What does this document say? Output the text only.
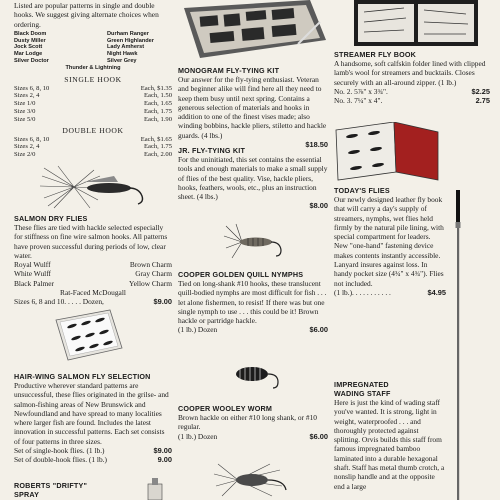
Listed are popular patterns in single and double hooks. We suggest giving alternate choices when ordering.

Black Doom	Durham Ranger
Dusty Miller	Green Highlander
Jock Scott	Lady Amherst
Mar Lodge	Night Hawk
Silver Doctor	Silver Grey
Thunder & Lightning
SINGLE HOOK
Sizes 6, 8, 10	Each, $1.35
Sizes 2, 4	Each, 1.50
Size 1/0	Each, 1.65
Size 3/0	Each, 1.75
Size 5/0	Each, 1.90
DOUBLE HOOK
Sizes 6, 8, 10	Each, $1.65
Sizes 2, 4	Each, 1.75
Size 2/0	Each, 2.00
SALMON DRY FLIES

These flies are tied with hackle selected especially for stiffness on fine wire salmon hooks. All patterns have proven successful during periods of low, clear water.

Royal Wulff	Brown Charm
White Wulff	Gray Charm
Black Palmer	Yellow Charm
Rat-Faced McDougall
Sizes 6, 8 and 10. . . . . Dozen,	$9.00
HAIR-WING SALMON FLY SELECTION

Productive wherever standard patterns are unsuccessful, these flies originated in the grilse- and salmon-fishing areas of New Brunswick and Newfoundland and have spread to many localities where larger fish are found. Includes the latest innovation in successful patterns. Each set consists of four patterns in three sizes.

Set of single-hook flies. (1 lb.)	$9.00
Set of double-hook flies. (1 lb.)	9.00
ROBERTS "DRIFTY"
SPRAY
MONOGRAM FLY-TYING KIT

Our answer for the fly-tying enthusiast. Veteran and beginner alike will find here all they need to keep them busy until next spring. Contains a generous selection of materials and hooks in addition to one of the finest vises made; also winding bobbins, hackle pliers, stiletto and hackle guards. (4 lbs.)

$18.50
JR. FLY-TYING KIT

For the uninitiated, this set contains the essential tools and enough materials to make a small supply of flies of the best quality. Vise, hackle pliers, hooks, feathers, wools, etc., plus an instruction sheet. (4 lbs.)

$8.00
COOPER GOLDEN QUILL NYMPHS

Tied on long-shank #10 hooks, these translucent quill-bodied nymphs are most difficult for fish . . . let alone fishermen, to resist! If there was but one single nymph to use . . . this could be it! Brown hackle or partridge hackle.

(1 lb.) Dozen	$6.00
COOPER WOOLEY WORM

Brown hackle on either #10 long shank, or #10 regular.

(1 lb.) Dozen	$6.00
STREAMER FLY BOOK

A handsome, soft calfskin folder lined with clipped lamb's wool for streamers and bucktails. Closes securely with an all-around zipper. (1 lb.)

No. 2. 5⅞" x 3¾".	$2.25
No. 3. 7¼" x 4".	2.75
TODAY'S FLIES

Our newly designed leather fly book that will carry a day's supply of streamers, nymphs, wet flies held firmly by the natural pile lining, with special compartment for leaders. New "one-hand" fastening device makes contents instantly accessible. Lanyard insures against loss. In handy pocket size (4¾" x 4¾"). Flies not included.

(1 lb.). . . . . . . . . . .	$4.95
IMPREGNATED
WADING STAFF

Here is just the kind of wading staff you've wanted. It is strong, light in weight, waterproofed . . . and thoroughly protected against splitting. Orvis builds this staff from famous impregnated bamboo laminated into a durable hexagonal shaft. Staff has metal thumb crotch, a nonslip handle and at the opposite end a large
